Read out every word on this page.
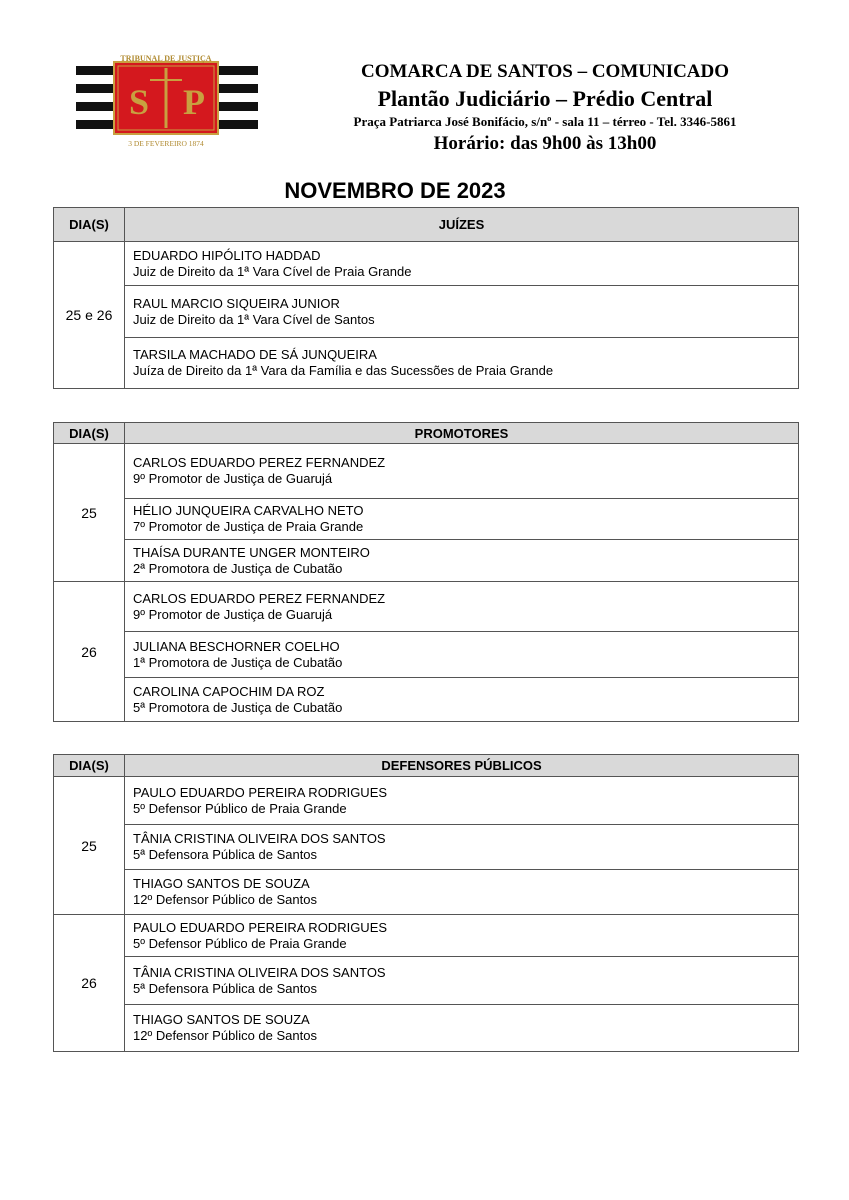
S P
TRIBUNAL DE JUSTIÇA
3 DE FEVEREIRO 1874
COMARCA DE SANTOS – COMUNICADO
Plantão Judiciário – Prédio Central
Praça Patriarca José Bonifácio, s/nº - sala 11 – térreo - Tel. 3346-5861
Horário: das 9h00 às 13h00
NOVEMBRO DE 2023
DIA(S)	JUÍZES
25 e 26	EDUARDO HIPÓLITO HADDAD
Juiz de Direito da 1ª Vara Cível de Praia Grande

	RAUL MARCIO SIQUEIRA JUNIOR
Juiz de Direito da 1ª Vara Cível de Santos

	TARSILA MACHADO DE SÁ JUNQUEIRA
Juíza de Direito da 1ª Vara da Família e das Sucessões de Praia Grande
DIA(S)	PROMOTORES
25	CARLOS EDUARDO PEREZ FERNANDEZ
9º Promotor de Justiça de Guarujá

	HÉLIO JUNQUEIRA CARVALHO NETO
7º Promotor de Justiça de Praia Grande

	THAÍSA DURANTE UNGER MONTEIRO
2ª Promotora de Justiça de Cubatão

26	CARLOS EDUARDO PEREZ FERNANDEZ
9º Promotor de Justiça de Guarujá

	JULIANA BESCHORNER COELHO
1ª Promotora de Justiça de Cubatão

	CAROLINA CAPOCHIM DA ROZ
5ª Promotora de Justiça de Cubatão
DIA(S)	DEFENSORES PÚBLICOS
25	PAULO EDUARDO PEREIRA RODRIGUES
5º Defensor Público de Praia Grande

	TÂNIA CRISTINA OLIVEIRA DOS SANTOS
5ª Defensora Pública de Santos

	THIAGO SANTOS DE SOUZA
12º Defensor Público de Santos

26	PAULO EDUARDO PEREIRA RODRIGUES
5º Defensor Público de Praia Grande

	TÂNIA CRISTINA OLIVEIRA DOS SANTOS
5ª Defensora Pública de Santos

	THIAGO SANTOS DE SOUZA
12º Defensor Público de Santos
